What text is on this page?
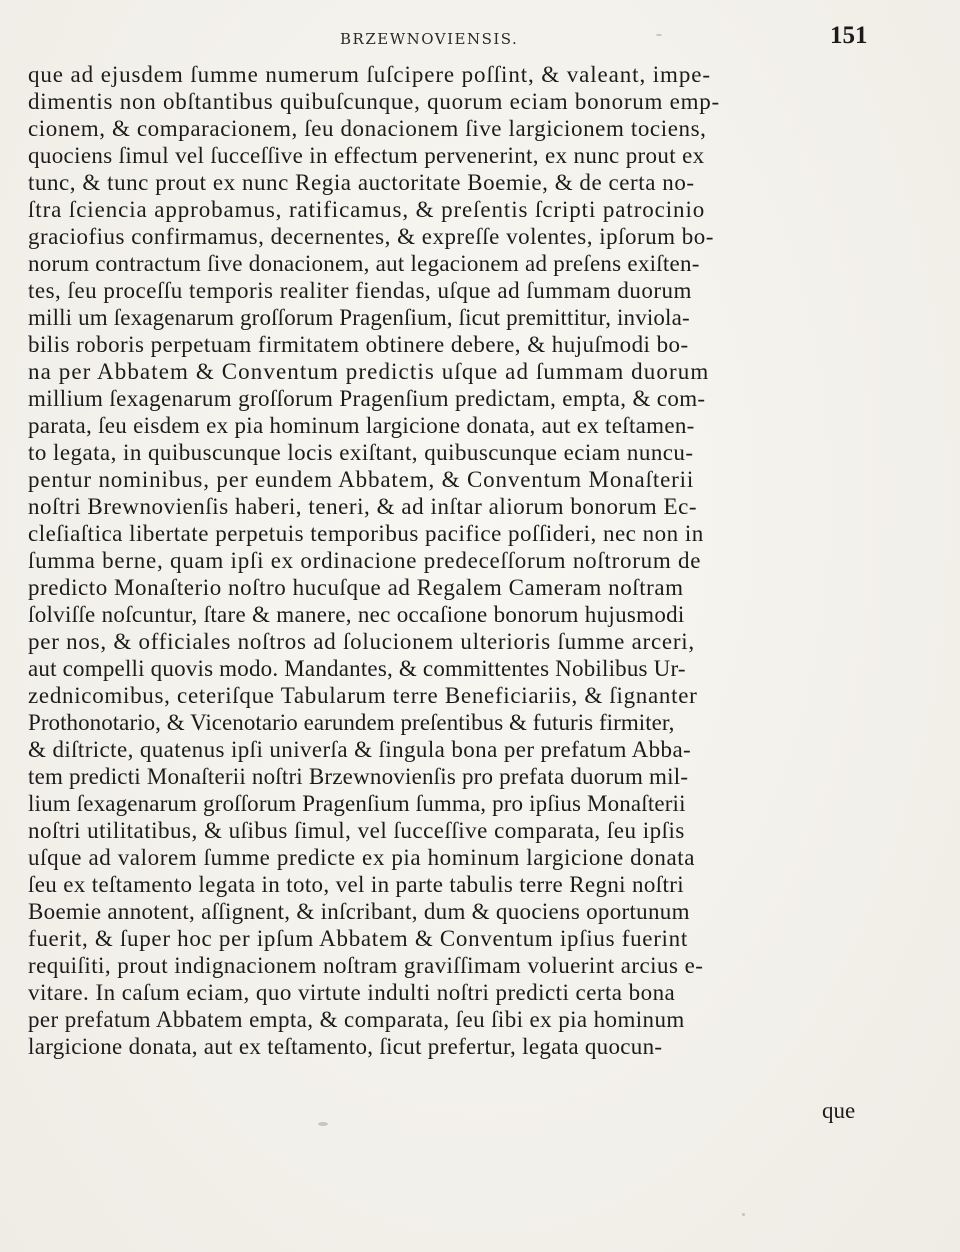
BRZEWNOVIENSIS.	151
que ad ejusdem ſumme numerum ſuſcipere poſſint, & valeant, impe-
dimentis non obſtantibus quibuſcunque, quorum eciam bonorum emp-
cionem, & comparacionem, ſeu donacionem ſive largicionem tociens,
quociens ſimul vel ſucceſſive in effectum pervenerint, ex nunc prout ex
tunc, & tunc prout ex nunc Regia auctoritate Boemie, & de certa no-
ſtra ſciencia approbamus, ratificamus, & preſentis ſcripti patrocinio
graciofius confirmamus, decernentes, & expreſſe volentes, ipſorum bo-
norum contractum ſive donacionem, aut legacionem ad preſens exiſten-
tes, ſeu proceſſu temporis realiter fiendas, uſque ad ſummam duorum
milli um ſexagenarum groſſorum Pragenſium, ſicut premittitur, inviola-
bilis roboris perpetuam firmitatem obtinere debere, & hujuſmodi bo-
na per Abbatem & Conventum predictis uſque ad ſummam duorum
millium ſexagenarum groſſorum Pragenſium predictam, empta, & com-
parata, ſeu eisdem ex pia hominum largicione donata, aut ex teſtamen-
to legata, in quibuscunque locis exiſtant, quibuscunque eciam nuncu-
pentur nominibus, per eundem Abbatem, & Conventum Monaſterii
noſtri Brewnovienſis haberi, teneri, & ad inſtar aliorum bonorum Ec-
cleſiaſtica libertate perpetuis temporibus pacifice poſſideri, nec non in
ſumma berne, quam ipſi ex ordinacione predeceſſorum noſtrorum de
predicto Monaſterio noſtro hucuſque ad Regalem Cameram noſtram
ſolviſſe noſcuntur, ſtare & manere, nec occaſione bonorum hujusmodi
per nos, & officiales noſtros ad ſolucionem ulterioris ſumme arceri,
aut compelli quovis modo. Mandantes, & committentes Nobilibus Ur-
zednicomibus, ceteriſque Tabularum terre Beneficiariis, & ſignanter
Prothonotario, & Vicenotario earundem preſentibus & futuris firmiter,
& diſtricte, quatenus ipſi univerſa & ſingula bona per prefatum Abba-
tem predicti Monaſterii noſtri Brzewnovienſis pro prefata duorum mil-
lium ſexagenarum groſſorum Pragenſium ſumma, pro ipſius Monaſterii
noſtri utilitatibus, & uſibus ſimul, vel ſucceſſive comparata, ſeu ipſis
uſque ad valorem ſumme predicte ex pia hominum largicione donata
ſeu ex teſtamento legata in toto, vel in parte tabulis terre Regni noſtri
Boemie annotent, aſſignent, & inſcribant, dum & quociens oportunum
fuerit, & ſuper hoc per ipſum Abbatem & Conventum ipſius fuerint
requiſiti, prout indignacionem noſtram graviſſimam voluerint arcius e-
vitare. In caſum eciam, quo virtute indulti noſtri predicti certa bona
per prefatum Abbatem empta, & comparata, ſeu ſibi ex pia hominum
largicione donata, aut ex teſtamento, ſicut prefertur, legata quocun-
que
